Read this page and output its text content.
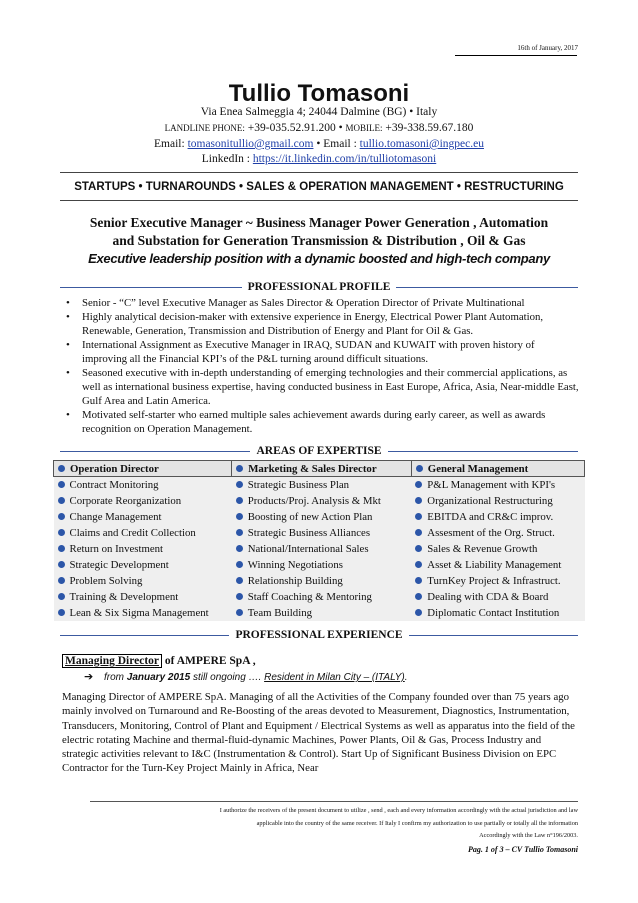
16th of January, 2017
Tullio Tomasoni
Via Enea Salmeggia 4; 24044 Dalmine (BG) • Italy
LANDLINE PHONE: +39-035.52.91.200 • MOBILE: +39-338.59.67.180
Email: tomasonitullio@gmail.com • Email : tullio.tomasoni@ingpec.eu
LinkedIn : https://it.linkedin.com/in/tulliotomasoni
STARTUPS • TURNAROUNDS • SALES & OPERATION MANAGEMENT • RESTRUCTURING
Senior Executive Manager ~ Business Manager Power Generation , Automation
and Substation for Generation Transmission & Distribution , Oil & Gas
Executive leadership position with a dynamic boosted and high-tech company
PROFESSIONAL PROFILE
• Senior - “C” level Executive Manager as Sales Director & Operation Director of Private Multinational
• Highly analytical decision-maker with extensive experience in Energy, Electrical Power Plant Automation, Renewable, Generation, Transmission and Distribution of Energy and Plant for Oil & Gas.
• International Assignment as Executive Manager in IRAQ, SUDAN and KUWAIT with proven history of improving all the Financial KPI’s of the P&L turning around difficult situations.
• Seasoned executive with in-depth understanding of emerging technologies and their commercial applications, as well as international business expertise, having conducted business in East Europe, Africa, Asia, Near-middle East, Gulf Area and Latin America.
• Motivated self-starter who earned multiple sales achievement awards during early career, as well as awards recognition on Operation Management.
AREAS OF EXPERTISE
Operation Director	Marketing & Sales Director	General Management
Contract Monitoring	Strategic Business Plan	P&L Management with KPI's
Corporate Reorganization	Products/Proj. Analysis & Mkt	Organizational Restructuring
Change Management	Boosting of new Action Plan	EBITDA and CR&C improv.
Claims and Credit Collection	Strategic Business Alliances	Assesment of the Org. Struct.
Return on Investment	National/International Sales	Sales & Revenue Growth
Strategic Development	Winning Negotiations	Asset & Liability Management
Problem Solving	Relationship Building	TurnKey Project & Infrastruct.
Training & Development	Staff Coaching & Mentoring	Dealing with CDA & Board
Lean & Six Sigma Management	Team Building	Diplomatic Contact Institution
PROFESSIONAL EXPERIENCE
Managing Director of AMPERE SpA ,
➔ from January 2015 still ongoing …. Resident in Milan City – (ITALY).
Managing Director of AMPERE SpA. Managing of all the Activities of the Company founded over than 75 years ago mainly involved on Turnaround and Re-Boosting of the areas devoted to Measurement, Diagnostics, Instrumentation, Transducers, Monitoring, Control of Plant and Equipment / Electrical Systems as well as apparatus into the field of the electric rotating Machine and thermal-fluid-dynamic Machines, Power Plants, Oil & Gas, Process Industry and strategic activities relevant to I&C (Instrumentation & Control). Start Up of Significant Business Division on EPC Contractor for the Turn-Key Project Mainly in Africa, Near
I authorize the receivers of the present document to utilize , send , each and every information accordingly with the actual jurisdiction and law
applicable into the country of the same receiver. If Italy I confirm my authorization to use partially or totally all the information
Accordingly with the Law n°196/2003.
Pag. 1 of 3 – CV Tullio Tomasoni
